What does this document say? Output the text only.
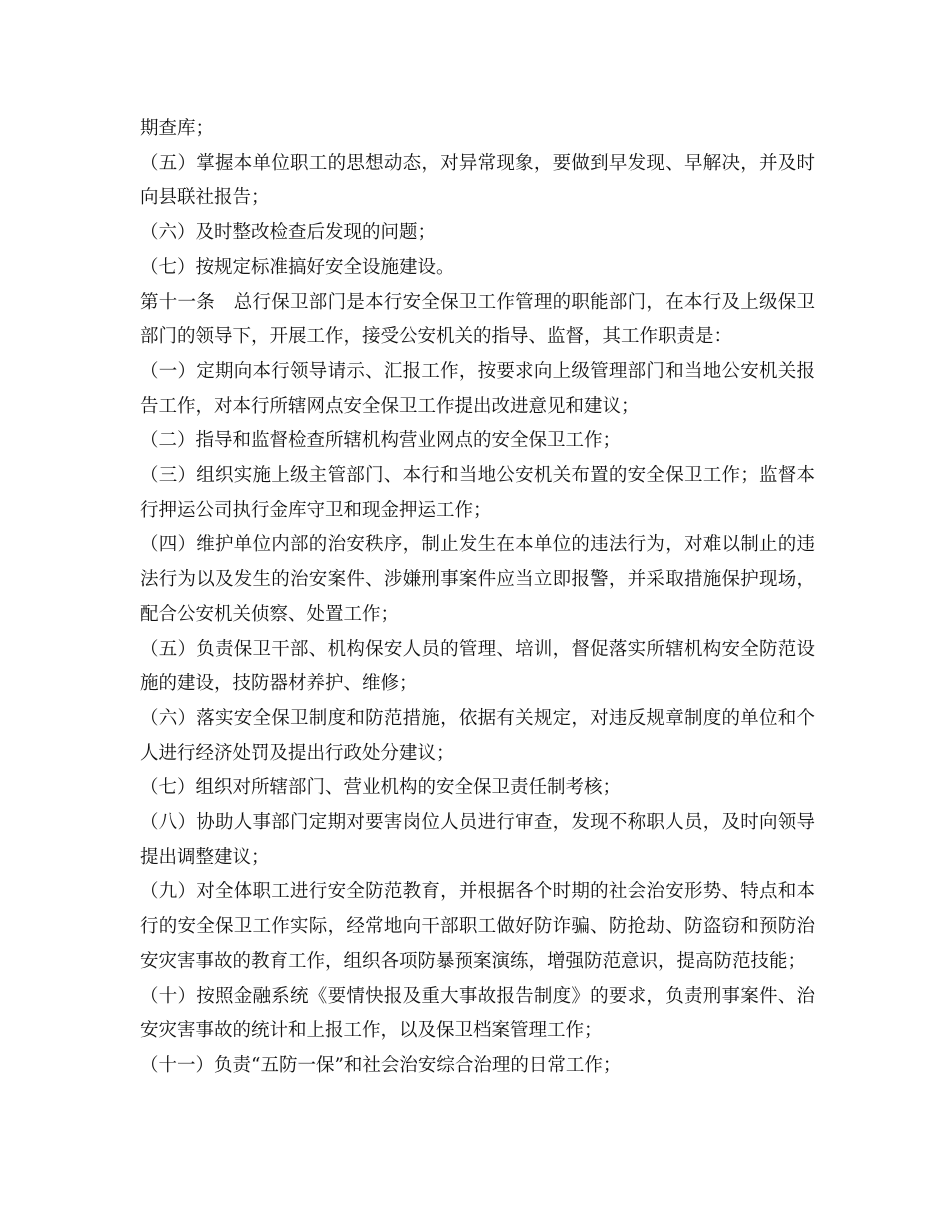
期查库；

（五）掌握本单位职工的思想动态，对异常现象，要做到早发现、早解决，并及时向县联社报告；

（六）及时整改检查后发现的问题；

（七）按规定标准搞好安全设施建设。

第十一条　总行保卫部门是本行安全保卫工作管理的职能部门，在本行及上级保卫部门的领导下，开展工作，接受公安机关的指导、监督，其工作职责是：

（一）定期向本行领导请示、汇报工作，按要求向上级管理部门和当地公安机关报告工作，对本行所辖网点安全保卫工作提出改进意见和建议；

（二）指导和监督检查所辖机构营业网点的安全保卫工作；

（三）组织实施上级主管部门、本行和当地公安机关布置的安全保卫工作；监督本行押运公司执行金库守卫和现金押运工作；

（四）维护单位内部的治安秩序，制止发生在本单位的违法行为，对难以制止的违法行为以及发生的治安案件、涉嫌刑事案件应当立即报警，并采取措施保护现场，配合公安机关侦察、处置工作；

（五）负责保卫干部、机构保安人员的管理、培训，督促落实所辖机构安全防范设施的建设，技防器材养护、维修；

（六）落实安全保卫制度和防范措施，依据有关规定，对违反规章制度的单位和个人进行经济处罚及提出行政处分建议；

（七）组织对所辖部门、营业机构的安全保卫责任制考核；

（八）协助人事部门定期对要害岗位人员进行审查，发现不称职人员，及时向领导提出调整建议；

（九）对全体职工进行安全防范教育，并根据各个时期的社会治安形势、特点和本行的安全保卫工作实际，经常地向干部职工做好防诈骗、防抢劫、防盗窃和预防治安灾害事故的教育工作，组织各项防暴预案演练，增强防范意识，提高防范技能；

（十）按照金融系统《要情快报及重大事故报告制度》的要求，负责刑事案件、治安灾害事故的统计和上报工作，以及保卫档案管理工作；

（十一）负责“五防一保”和社会治安综合治理的日常工作；
